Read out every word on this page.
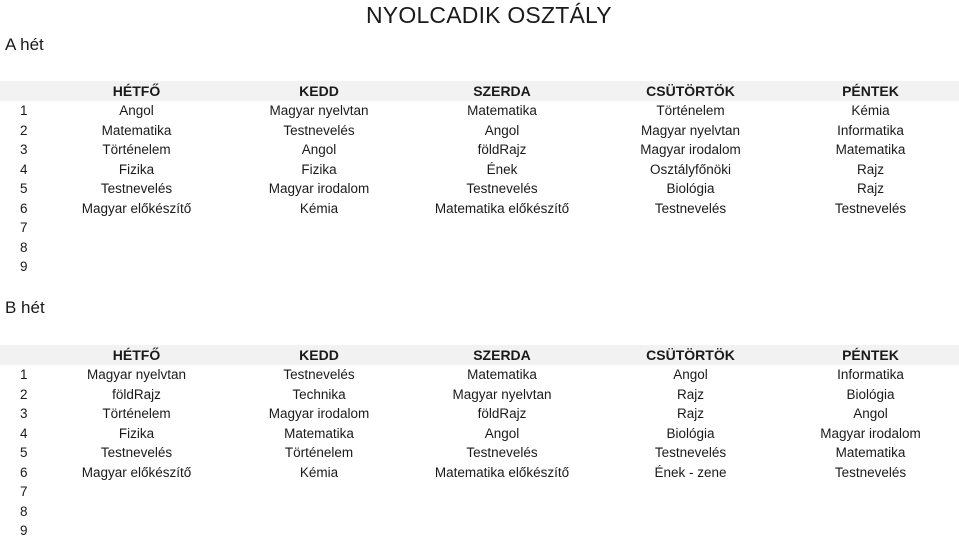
NYOLCADIK OSZTÁLY
A hét
	HÉTFŐ	KEDD	SZERDA	CSÜTÖRTÖK	PÉNTEK
1	Angol	Magyar nyelvtan	Matematika	Történelem	Kémia
2	Matematika	Testnevelés	Angol	Magyar nyelvtan	Informatika
3	Történelem	Angol	földRajz	Magyar irodalom	Matematika
4	Fizika	Fizika	Ének	Osztályfőnöki	Rajz
5	Testnevelés	Magyar irodalom	Testnevelés	Biológia	Rajz
6	Magyar előkészítő	Kémia	Matematika előkészítő	Testnevelés	Testnevelés
7					
8					
9					
B hét
	HÉTFŐ	KEDD	SZERDA	CSÜTÖRTÖK	PÉNTEK
1	Magyar nyelvtan	Testnevelés	Matematika	Angol	Informatika
2	földRajz	Technika	Magyar nyelvtan	Rajz	Biológia
3	Történelem	Magyar irodalom	földRajz	Rajz	Angol
4	Fizika	Matematika	Angol	Biológia	Magyar irodalom
5	Testnevelés	Történelem	Testnevelés	Testnevelés	Matematika
6	Magyar előkészítő	Kémia	Matematika előkészítő	Ének - zene	Testnevelés
7					
8					
9					
